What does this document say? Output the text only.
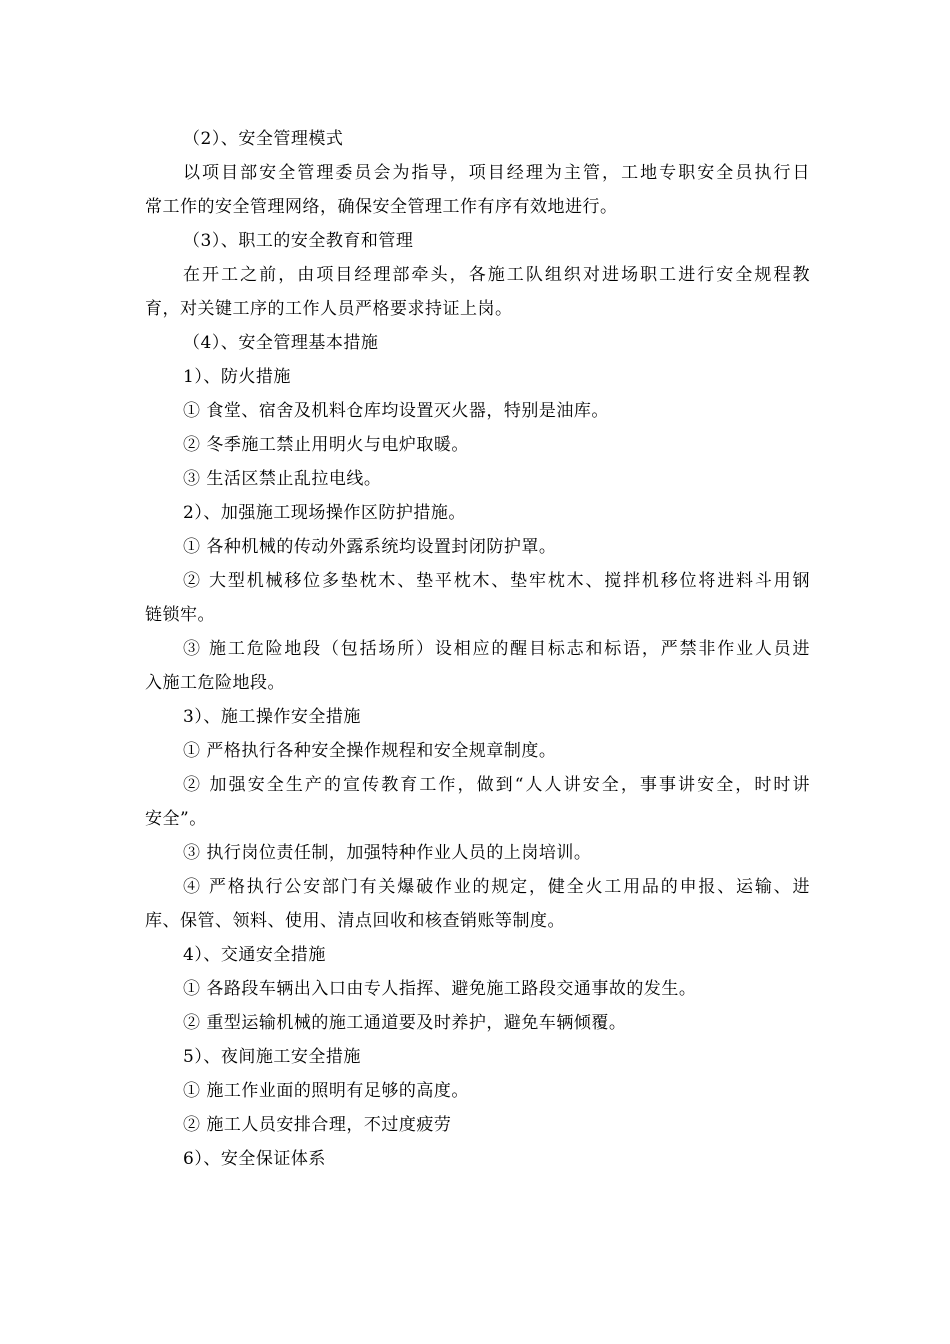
（2）、安全管理模式
以项目部安全管理委员会为指导，项目经理为主管，工地专职安全员执行日
常工作的安全管理网络，确保安全管理工作有序有效地进行。
（3）、职工的安全教育和管理
在开工之前，由项目经理部牵头，各施工队组织对进场职工进行安全规程教
育，对关键工序的工作人员严格要求持证上岗。
（4）、安全管理基本措施
1）、防火措施
① 食堂、宿舍及机料仓库均设置灭火器，特别是油库。
② 冬季施工禁止用明火与电炉取暖。
③ 生活区禁止乱拉电线。
2）、加强施工现场操作区防护措施。
① 各种机械的传动外露系统均设置封闭防护罩。
② 大型机械移位多垫枕木、垫平枕木、垫牢枕木、搅拌机移位将进料斗用钢
链锁牢。
③ 施工危险地段（包括场所）设相应的醒目标志和标语，严禁非作业人员进
入施工危险地段。
3）、施工操作安全措施
① 严格执行各种安全操作规程和安全规章制度。
② 加强安全生产的宣传教育工作，做到“人人讲安全，事事讲安全，时时讲
安全”。
③ 执行岗位责任制，加强特种作业人员的上岗培训。
④ 严格执行公安部门有关爆破作业的规定，健全火工用品的申报、运输、进
库、保管、领料、使用、清点回收和核查销账等制度。
4）、交通安全措施
① 各路段车辆出入口由专人指挥、避免施工路段交通事故的发生。
② 重型运输机械的施工通道要及时养护，避免车辆倾覆。
5）、夜间施工安全措施
① 施工作业面的照明有足够的高度。
② 施工人员安排合理，不过度疲劳
6）、安全保证体系
